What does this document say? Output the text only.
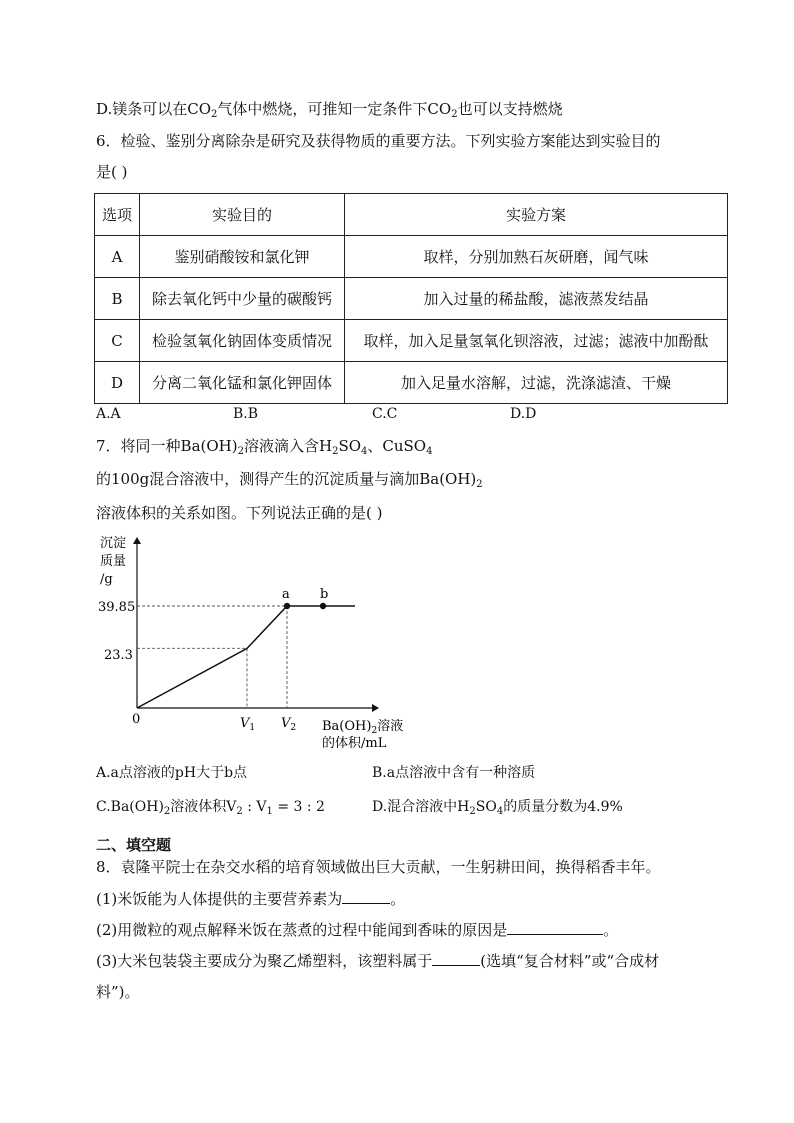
D.镁条可以在$CO_2$气体中燃烧，可推知一定条件下$CO_2$也可以支持燃烧
6．检验、鉴别分离除杂是研究及获得物质的重要方法。下列实验方案能达到实验目的
是( )
选项	实验目的	实验方案
A	鉴别硝酸铵和氯化钾	取样，分别加熟石灰研磨，闻气味
B	除去氧化钙中少量的碳酸钙	加入过量的稀盐酸，滤液蒸发结晶
C	检验氢氧化钠固体变质情况	取样，加入足量氢氧化钡溶液，过滤；滤液中加酚酞
D	分离二氧化锰和氯化钾固体	加入足量水溶解，过滤，洗涤滤渣、干燥
A.A	B.B	C.C	D.D
7．将同一种$Ba(OH)_2$溶液滴入含$H_2SO_4$、CuSO$_4$
的100g混合溶液中，测得产生的沉淀质量与滴加$Ba(OH)_2$
溶液体积的关系如图。下列说法正确的是( )
沉淀
质量
/g
39.85
23.3
0	$V_1$ $V_2$
a b
$Ba(OH)_2$溶液
的体积/mL
A.a点溶液的pH大于b点	B.a点溶液中含有一种溶质
$C.Ba(OH)_2$溶液体积$V_2$ : $V_1 = 3$ : 2	D.混合溶液中$H_2SO_4$的质量分数为4.9%
二、填空题
8．袁隆平院士在杂交水稻的培育领域做出巨大贡献，一生躬耕田间，换得稻香丰年。
(1)米饭能为人体提供的主要营养素为	。
(2)用微粒的观点解释米饭在蒸煮的过程中能闻到香味的原因是	。
(3)大米包装袋主要成分为聚乙烯塑料，该塑料属于	(选填“复合材料”或“合成材
料”)。
